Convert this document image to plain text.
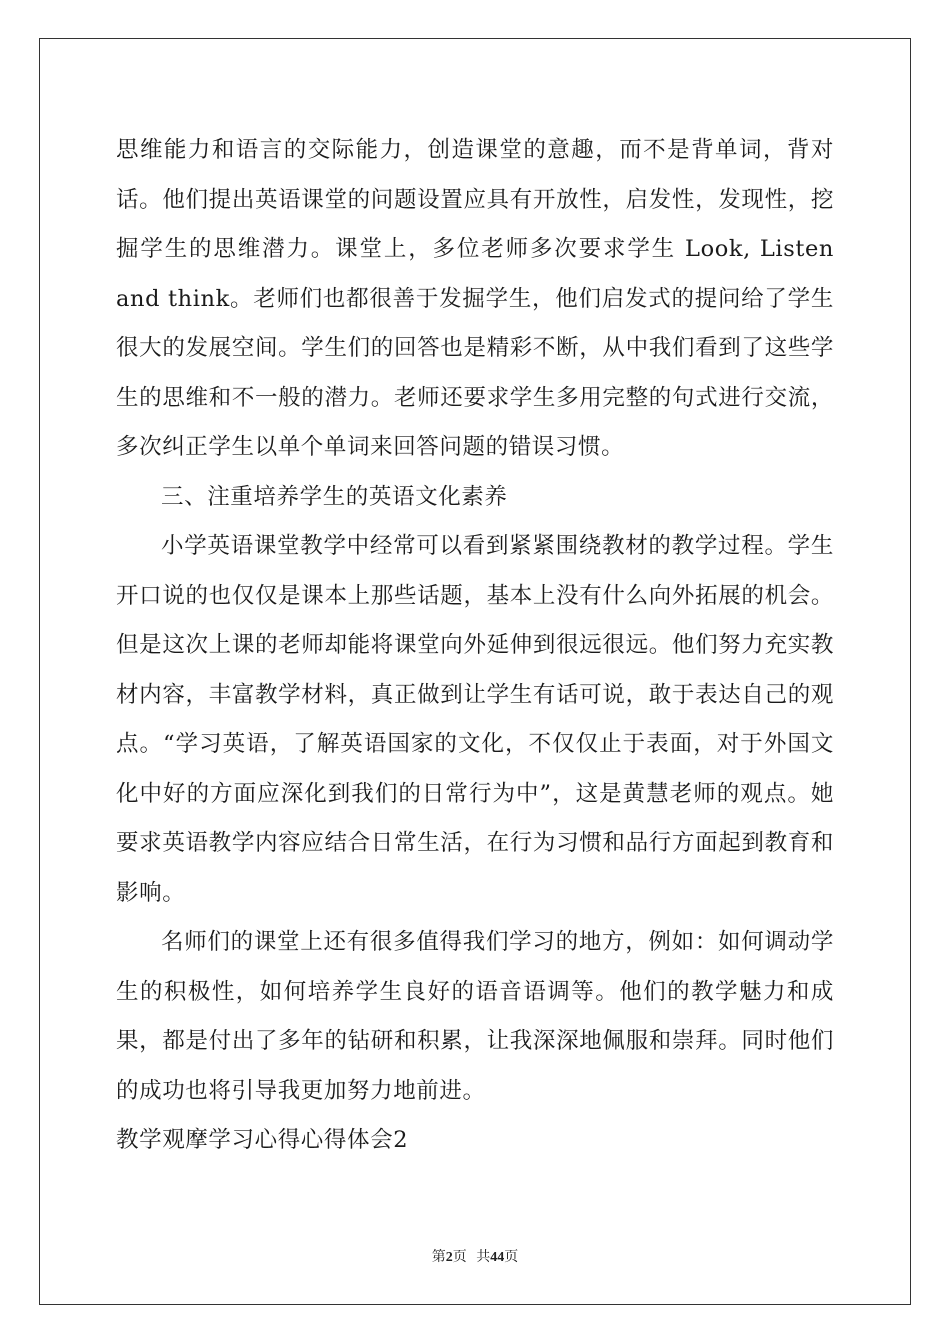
思维能力和语言的交际能力，创造课堂的意趣，而不是背单词，背对话。他们提出英语课堂的问题设置应具有开放性，启发性，发现性，挖掘学生的思维潜力。课堂上，多位老师多次要求学生 Look, Listen and think。老师们也都很善于发掘学生，他们启发式的提问给了学生很大的发展空间。学生们的回答也是精彩不断，从中我们看到了这些学生的思维和不一般的潜力。老师还要求学生多用完整的句式进行交流，多次纠正学生以单个单词来回答问题的错误习惯。

三、注重培养学生的英语文化素养

小学英语课堂教学中经常可以看到紧紧围绕教材的教学过程。学生开口说的也仅仅是课本上那些话题，基本上没有什么向外拓展的机会。但是这次上课的老师却能将课堂向外延伸到很远很远。他们努力充实教材内容，丰富教学材料，真正做到让学生有话可说，敢于表达自己的观点。“学习英语，了解英语国家的文化，不仅仅止于表面，对于外国文化中好的方面应深化到我们的日常行为中”，这是黄慧老师的观点。她要求英语教学内容应结合日常生活，在行为习惯和品行方面起到教育和影响。

名师们的课堂上还有很多值得我们学习的地方，例如：如何调动学生的积极性，如何培养学生良好的语音语调等。他们的教学魅力和成果，都是付出了多年的钻研和积累，让我深深地佩服和崇拜。同时他们的成功也将引导我更加努力地前进。

教学观摩学习心得心得体会2

第2页 共44页
